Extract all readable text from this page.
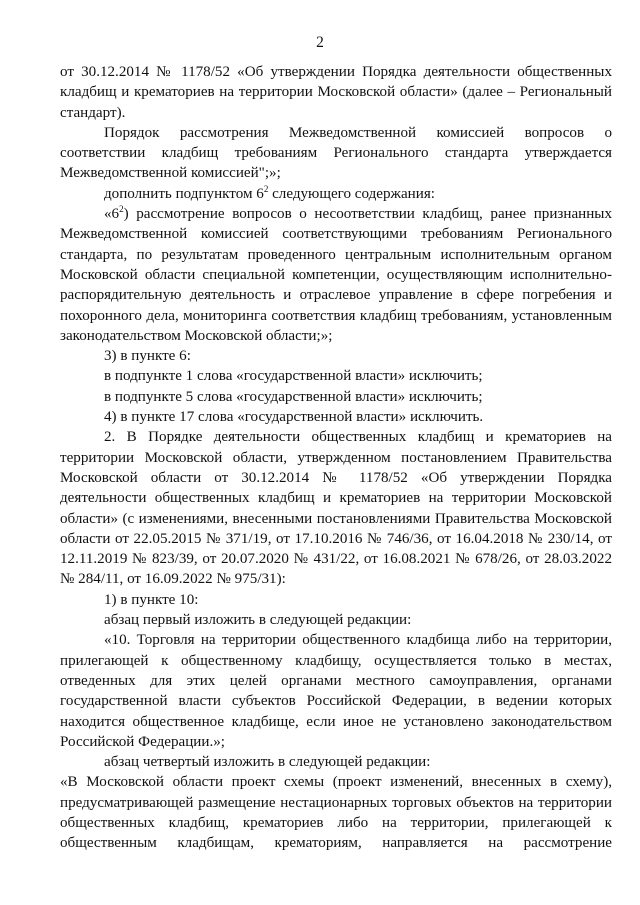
2

от 30.12.2014 № 1178/52 «Об утверждении Порядка деятельности общественных кладбищ и крематориев на территории Московской области» (далее – Региональный стандарт).

Порядок рассмотрения Межведомственной комиссией вопросов о соответствии кладбищ требованиям Регионального стандарта утверждается Межведомственной комиссией";»;

дополнить подпунктом $6^2$ следующего содержания:

«$6^2$) рассмотрение вопросов о несоответствии кладбищ, ранее признанных Межведомственной комиссией соответствующими требованиям Регионального стандарта, по результатам проведенного центральным исполнительным органом Московской области специальной компетенции, осуществляющим исполнительно-распорядительную деятельность и отраслевое управление в сфере погребения и похоронного дела, мониторинга соответствия кладбищ требованиям, установленным законодательством Московской области;»;

3) в пункте 6:

в подпункте 1 слова «государственной власти» исключить;

в подпункте 5 слова «государственной власти» исключить;

4) в пункте 17 слова «государственной власти» исключить.

2. В Порядке деятельности общественных кладбищ и крематориев на территории Московской области, утвержденном постановлением Правительства Московской области от 30.12.2014 № 1178/52 «Об утверждении Порядка деятельности общественных кладбищ и крематориев на территории Московской области» (с изменениями, внесенными постановлениями Правительства Московской области от 22.05.2015 № 371/19, от 17.10.2016 № 746/36, от 16.04.2018 № 230/14, от 12.11.2019 № 823/39, от 20.07.2020 № 431/22, от 16.08.2021 № 678/26, от 28.03.2022 № 284/11, от 16.09.2022 № 975/31):

1) в пункте 10:

абзац первый изложить в следующей редакции:

«10. Торговля на территории общественного кладбища либо на территории, прилегающей к общественному кладбищу, осуществляется только в местах, отведенных для этих целей органами местного самоуправления, органами государственной власти субъектов Российской Федерации, в ведении которых находится общественное кладбище, если иное не установлено законодательством Российской Федерации.»;

абзац четвертый изложить в следующей редакции:

«В Московской области проект схемы (проект изменений, внесенных в схему), предусматривающей размещение нестационарных торговых объектов на территории общественных кладбищ, крематориев либо на территории, прилегающей к общественным кладбищам, крематориям, направляется на рассмотрение
